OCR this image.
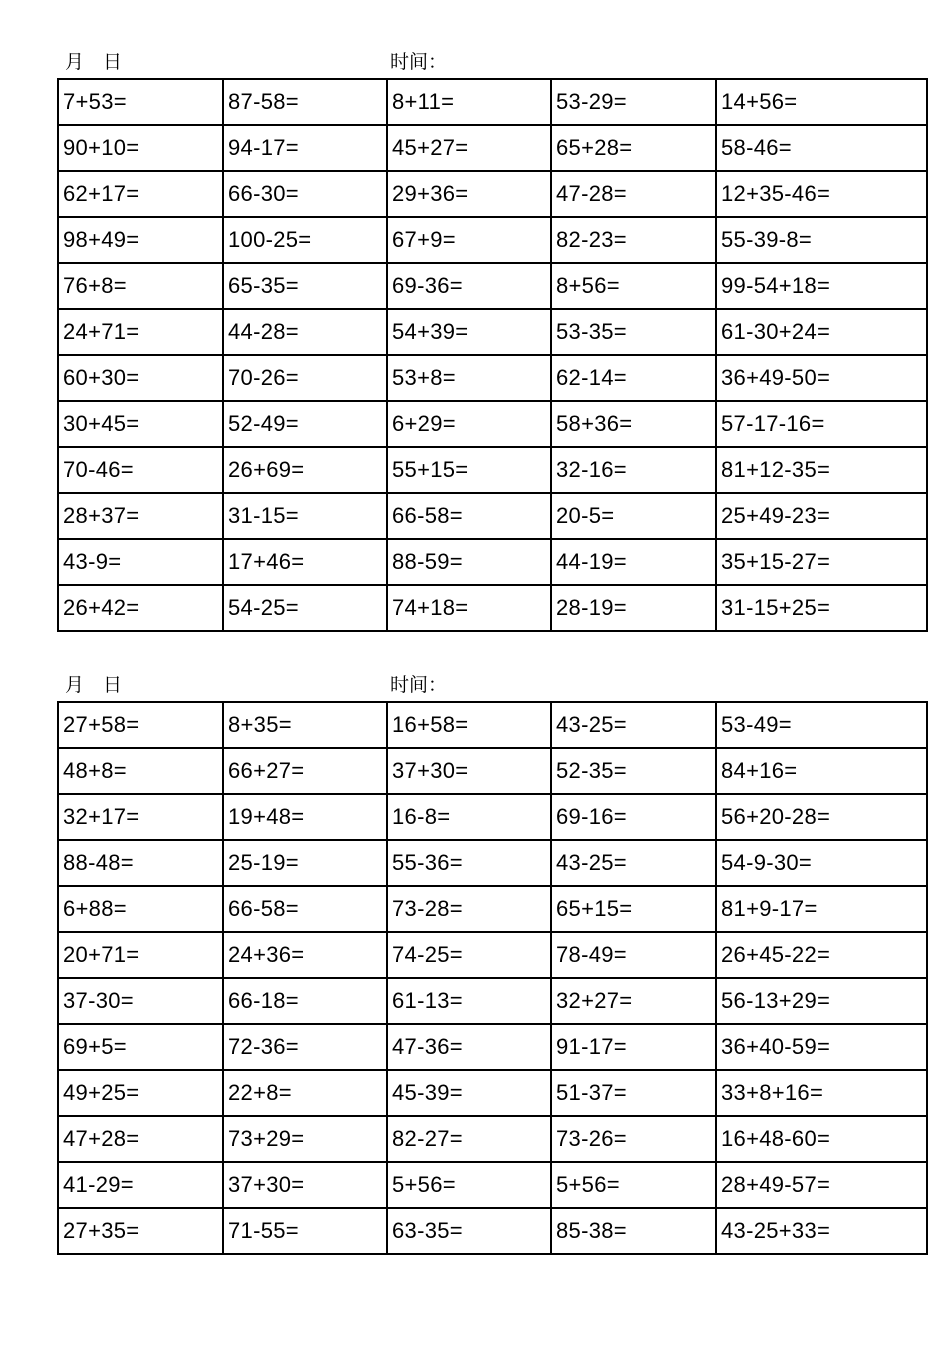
月　日	时间：
7+53=	87-58=	8+11=	53-29=	14+56=
90+10=	94-17=	45+27=	65+28=	58-46=
62+17=	66-30=	29+36=	47-28=	12+35-46=
98+49=	100-25=	67+9=	82-23=	55-39-8=
76+8=	65-35=	69-36=	8+56=	99-54+18=
24+71=	44-28=	54+39=	53-35=	61-30+24=
60+30=	70-26=	53+8=	62-14=	36+49-50=
30+45=	52-49=	6+29=	58+36=	57-17-16=
70-46=	26+69=	55+15=	32-16=	81+12-35=
28+37=	31-15=	66-58=	20-5=	25+49-23=
43-9=	17+46=	88-59=	44-19=	35+15-27=
26+42=	54-25=	74+18=	28-19=	31-15+25=
月　日	时间：
27+58=	8+35=	16+58=	43-25=	53-49=
48+8=	66+27=	37+30=	52-35=	84+16=
32+17=	19+48=	16-8=	69-16=	56+20-28=
88-48=	25-19=	55-36=	43-25=	54-9-30=
6+88=	66-58=	73-28=	65+15=	81+9-17=
20+71=	24+36=	74-25=	78-49=	26+45-22=
37-30=	66-18=	61-13=	32+27=	56-13+29=
69+5=	72-36=	47-36=	91-17=	36+40-59=
49+25=	22+8=	45-39=	51-37=	33+8+16=
47+28=	73+29=	82-27=	73-26=	16+48-60=
41-29=	37+30=	5+56=	5+56=	28+49-57=
27+35=	71-55=	63-35=	85-38=	43-25+33=
